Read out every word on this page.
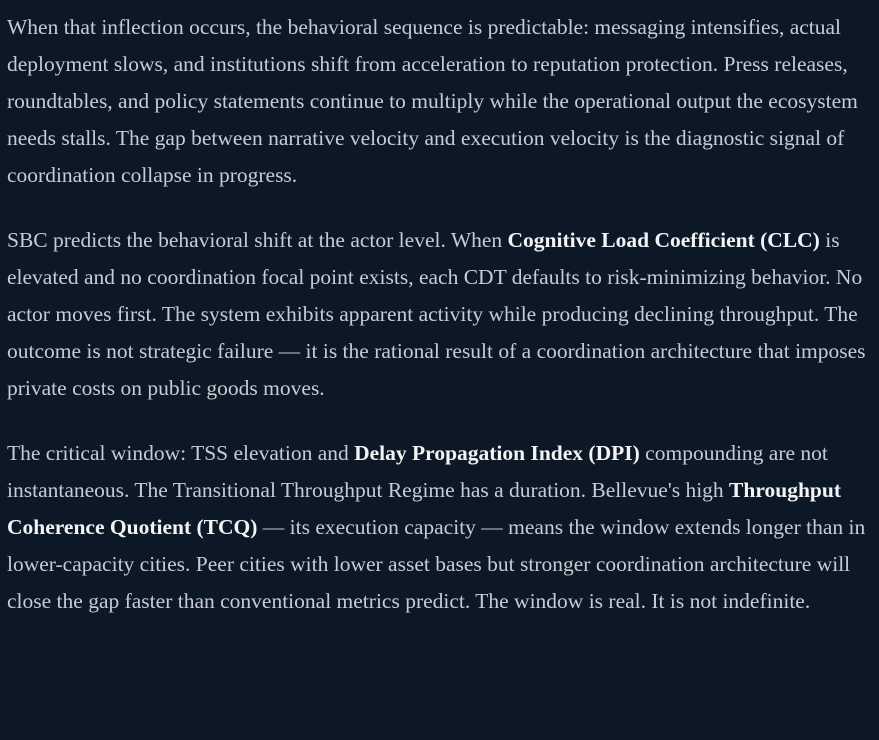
When that inflection occurs, the behavioral sequence is predictable: messaging intensifies, actual deployment slows, and institutions shift from acceleration to reputation protection. Press releases, roundtables, and policy statements continue to multiply while the operational output the ecosystem needs stalls. The gap between narrative velocity and execution velocity is the diagnostic signal of coordination collapse in progress.

SBC predicts the behavioral shift at the actor level. When Cognitive Load Coefficient (CLC) is elevated and no coordination focal point exists, each CDT defaults to risk-minimizing behavior. No actor moves first. The system exhibits apparent activity while producing declining throughput. The outcome is not strategic failure — it is the rational result of a coordination architecture that imposes private costs on public goods moves.

The critical window: TSS elevation and Delay Propagation Index (DPI) compounding are not instantaneous. The Transitional Throughput Regime has a duration. Bellevue's high Throughput Coherence Quotient (TCQ) — its execution capacity — means the window extends longer than in lower-capacity cities. Peer cities with lower asset bases but stronger coordination architecture will close the gap faster than conventional metrics predict. The window is real. It is not indefinite.
